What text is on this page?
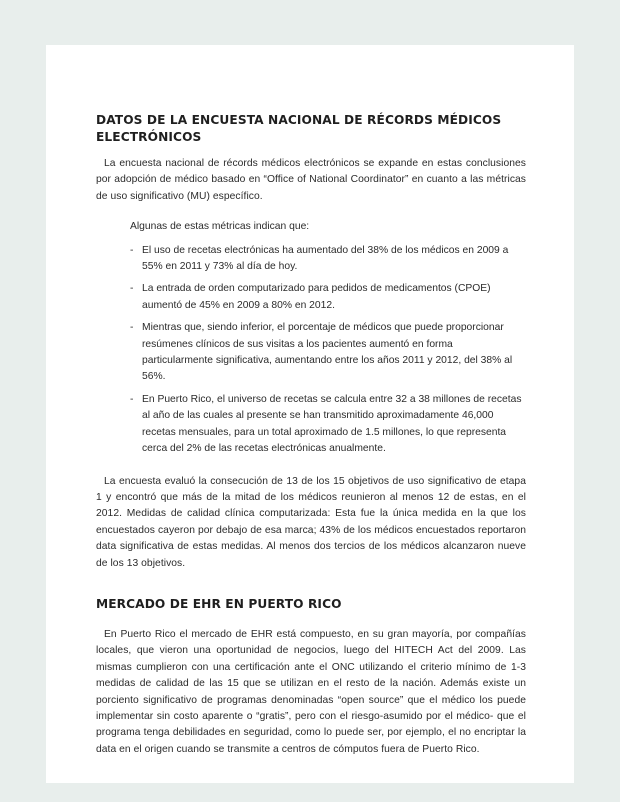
DATOS DE LA ENCUESTA NACIONAL DE RÉCORDS MÉDICOS ELECTRÓNICOS

La encuesta nacional de récords médicos electrónicos se expande en estas conclusiones por adopción de médico basado en “Office of National Coordinator” en cuanto a las métricas de uso significativo (MU) específico.

Algunas de estas métricas indican que:

- El uso de recetas electrónicas ha aumentado del 38% de los médicos en 2009 a 55% en 2011 y 73% al día de hoy.
- La entrada de orden computarizado para pedidos de medicamentos (CPOE) aumentó de 45% en 2009 a 80% en 2012.
- Mientras que, siendo inferior, el porcentaje de médicos que puede proporcionar resúmenes clínicos de sus visitas a los pacientes aumentó en forma particularmente significativa, aumentando entre los años 2011 y 2012, del 38% al 56%.
- En Puerto Rico, el universo de recetas se calcula entre 32 a 38 millones de recetas al año de las cuales al presente se han transmitido aproximadamente 46,000 recetas mensuales, para un total aproximado de 1.5 millones, lo que representa cerca del 2% de las recetas electrónicas anualmente.

La encuesta evaluó la consecución de 13 de los 15 objetivos de uso significativo de etapa 1 y encontró que más de la mitad de los médicos reunieron al menos 12 de estas, en el 2012. Medidas de calidad clínica computarizada: Esta fue la única medida en la que los encuestados cayeron por debajo de esa marca; 43% de los médicos encuestados reportaron data significativa de estas medidas. Al menos dos tercios de los médicos alcanzaron nueve de los 13 objetivos.

MERCADO DE EHR EN PUERTO RICO

En Puerto Rico el mercado de EHR está compuesto, en su gran mayoría, por compañías locales, que vieron una oportunidad de negocios, luego del HITECH Act del 2009. Las mismas cumplieron con una certificación ante el ONC utilizando el criterio mínimo de 1-3 medidas de calidad de las 15 que se utilizan en el resto de la nación. Además existe un porciento significativo de programas denominadas “open source” que el médico los puede implementar sin costo aparente o “gratis”, pero con el riesgo-asumido por el médico- que el programa tenga debilidades en seguridad, como lo puede ser, por ejemplo, el no encriptar la data en el origen cuando se transmite a centros de cómputos fuera de Puerto Rico.
